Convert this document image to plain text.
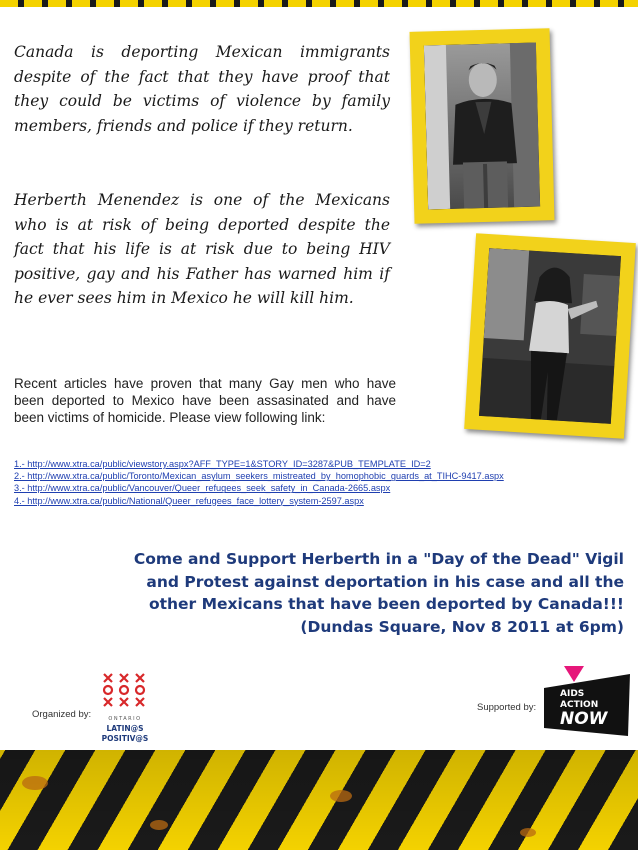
Canada is deporting Mexican immigrants despite of the fact that they have proof that they could be victims of violence by family members, friends and police if they return.

Herberth Menendez is one of the Mexicans who is at risk of being deported despite the fact that his life is at risk due to being HIV positive, gay and his Father has warned him if he ever sees him in Mexico he will kill him.

Recent articles have proven that many Gay men who have been deported to Mexico have been assasinated and have been victims of homicide. Please view following link:

1.- http://www.xtra.ca/public/viewstory.aspx?AFF_TYPE=1&STORY_ID=3287&PUB_TEMPLATE_ID=2
2.- http://www.xtra.ca/public/Toronto/Mexican_asylum_seekers_mistreated_by_homophobic_guards_at_TIHC-9417.aspx
3.- http://www.xtra.ca/public/Vancouver/Queer_refugees_seek_safety_in_Canada-2665.aspx
4.- http://www.xtra.ca/public/National/Queer_refugees_face_lottery_system-2597.aspx
Come and Support Herberth in a "Day of the Dead" Vigil
and Protest against deportation in his case and all the
other Mexicans that have been deported by Canada!!!
(Dundas Square, Nov 8 2011 at 6pm)
Organized by:	ONTARIO
LATIN@S
POSITIV@S
Supported by:
AIDS
ACTION
NOW
